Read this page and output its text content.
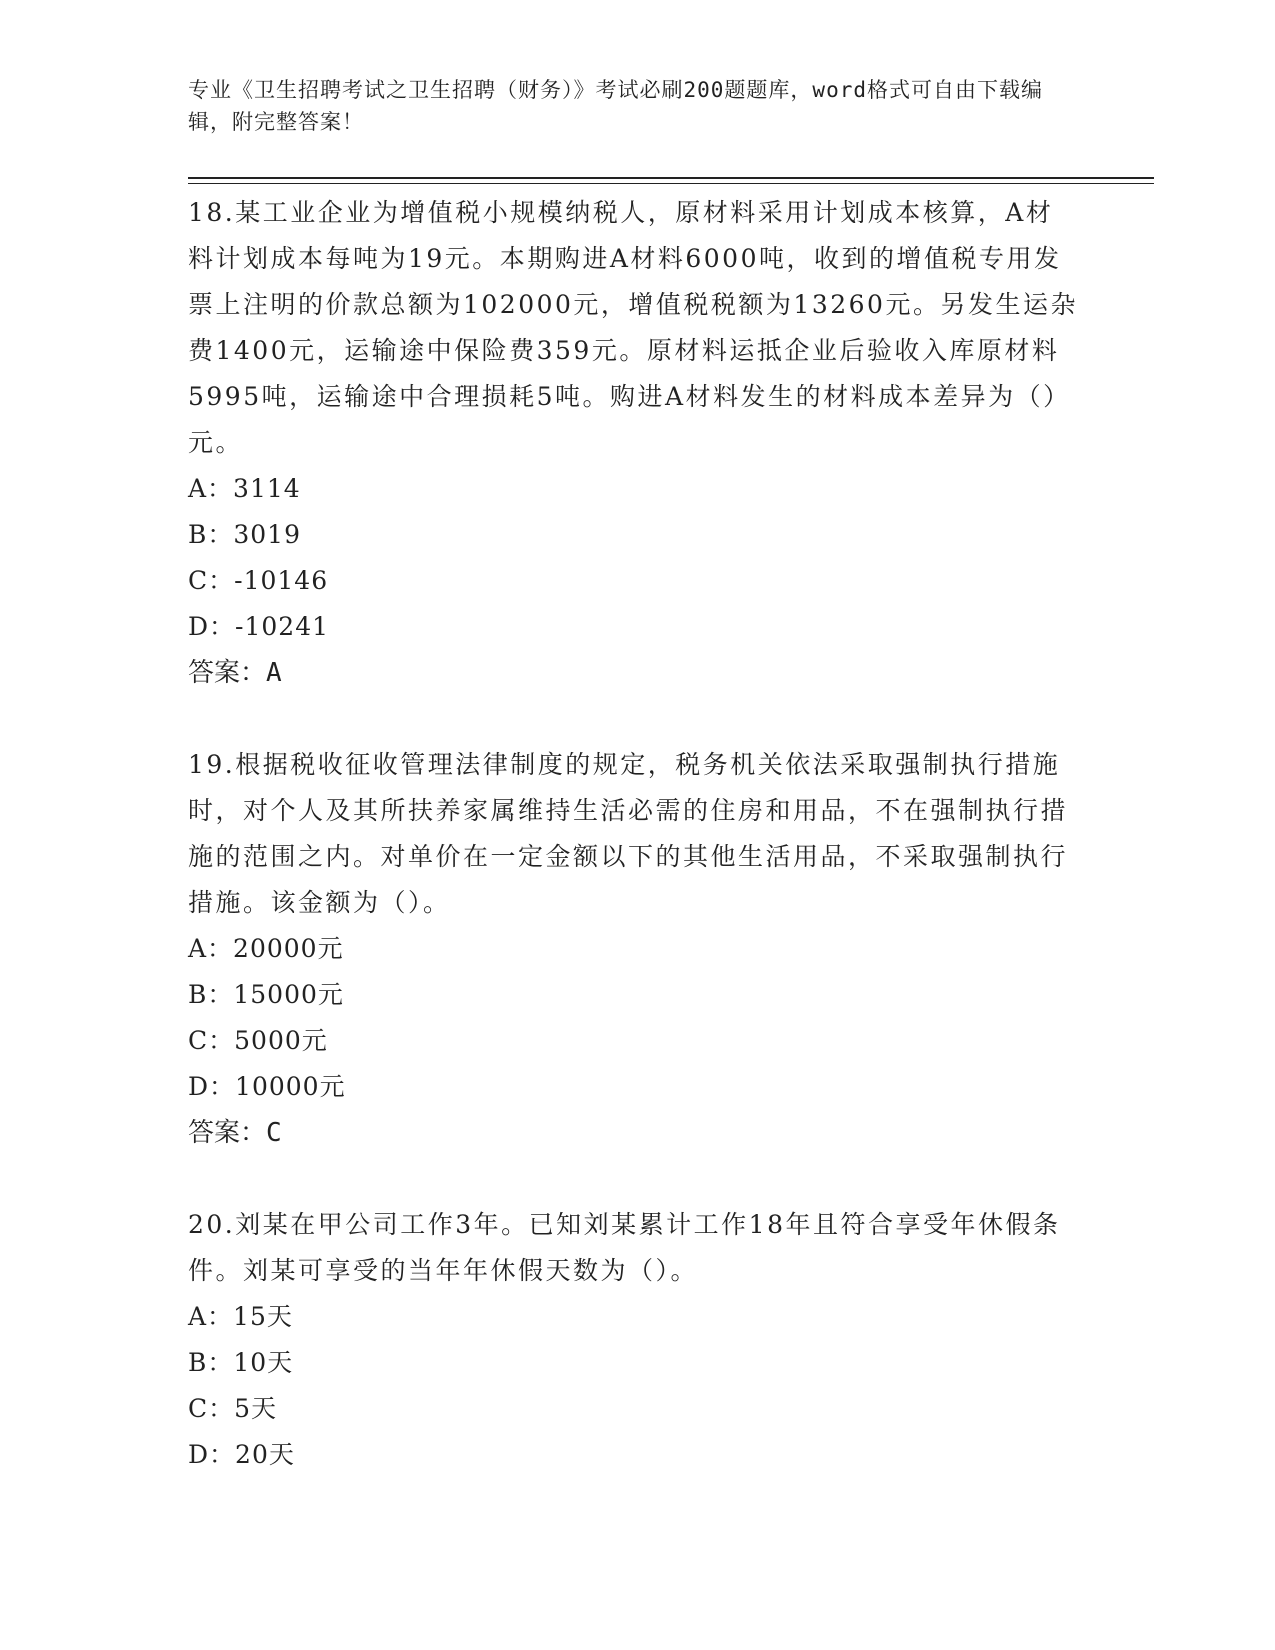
专业《卫生招聘考试之卫生招聘（财务）》考试必刷200题题库，word格式可自由下载编辑，附完整答案！

18.某工业企业为增值税小规模纳税人，原材料采用计划成本核算，A材料计划成本每吨为19元。本期购进A材料6000吨，收到的增值税专用发票上注明的价款总额为102000元，增值税税额为13260元。另发生运杂费1400元，运输途中保险费359元。原材料运抵企业后验收入库原材料5995吨，运输途中合理损耗5吨。购进A材料发生的材料成本差异为（）元。

A：3114

B：3019

C：-10146

D：-10241

答案：A

19.根据税收征收管理法律制度的规定，税务机关依法采取强制执行措施时，对个人及其所扶养家属维持生活必需的住房和用品，不在强制执行措施的范围之内。对单价在一定金额以下的其他生活用品，不采取强制执行措施。该金额为（）。

A：20000元

B：15000元

C：5000元

D：10000元

答案：C

20.刘某在甲公司工作3年。已知刘某累计工作18年且符合享受年休假条件。刘某可享受的当年年休假天数为（）。

A：15天

B：10天

C：5天

D：20天
